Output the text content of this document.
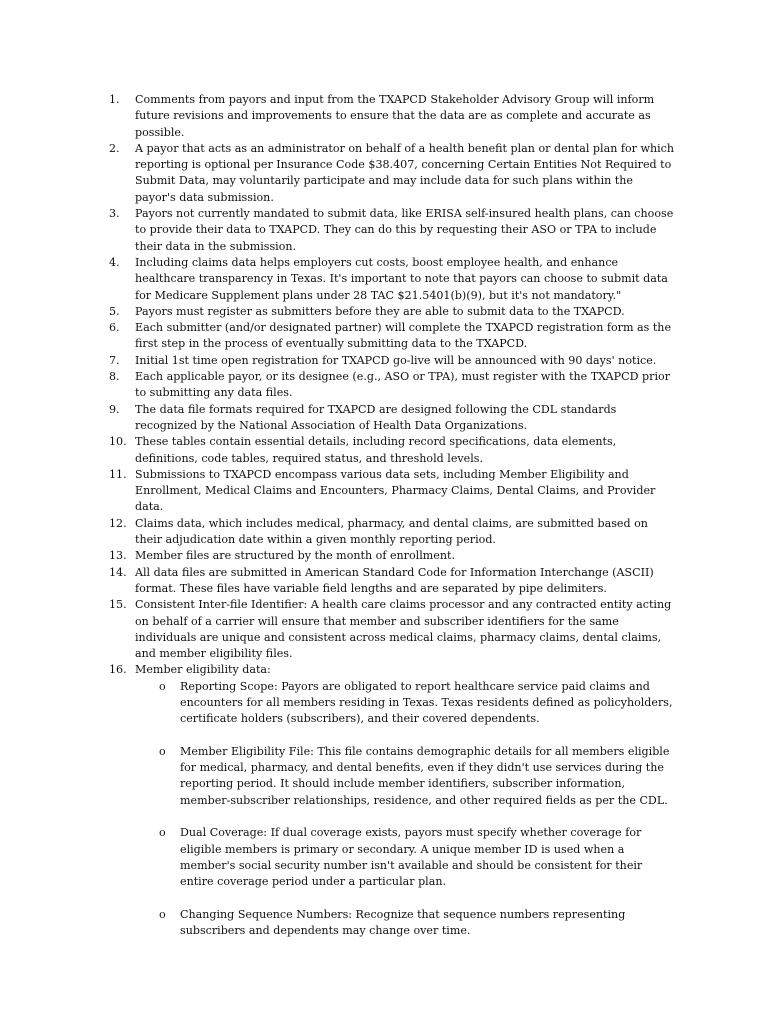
1. Comments from payors and input from the TXAPCD Stakeholder Advisory Group will inform future revisions and improvements to ensure that the data are as complete and accurate as possible.
2. A payor that acts as an administrator on behalf of a health benefit plan or dental plan for which reporting is optional per Insurance Code $38.407, concerning Certain Entities Not Required to Submit Data, may voluntarily participate and may include data for such plans within the payor's data submission.
3. Payors not currently mandated to submit data, like ERISA self-insured health plans, can choose to provide their data to TXAPCD. They can do this by requesting their ASO or TPA to include their data in the submission.
4. Including claims data helps employers cut costs, boost employee health, and enhance healthcare transparency in Texas. It's important to note that payors can choose to submit data for Medicare Supplement plans under 28 TAC $21.5401(b)(9), but it's not mandatory."
5. Payors must register as submitters before they are able to submit data to the TXAPCD.
6. Each submitter (and/or designated partner) will complete the TXAPCD registration form as the first step in the process of eventually submitting data to the TXAPCD.
7. Initial 1st time open registration for TXAPCD go-live will be announced with 90 days' notice.
8. Each applicable payor, or its designee (e.g., ASO or TPA), must register with the TXAPCD prior to submitting any data files.
9. The data file formats required for TXAPCD are designed following the CDL standards recognized by the National Association of Health Data Organizations.
10. These tables contain essential details, including record specifications, data elements, definitions, code tables, required status, and threshold levels.
11. Submissions to TXAPCD encompass various data sets, including Member Eligibility and Enrollment, Medical Claims and Encounters, Pharmacy Claims, Dental Claims, and Provider data.
12. Claims data, which includes medical, pharmacy, and dental claims, are submitted based on their adjudication date within a given monthly reporting period.
13. Member files are structured by the month of enrollment.
14. All data files are submitted in American Standard Code for Information Interchange (ASCII) format. These files have variable field lengths and are separated by pipe delimiters.
15. Consistent Inter-file Identifier: A health care claims processor and any contracted entity acting on behalf of a carrier will ensure that member and subscriber identifiers for the same individuals are unique and consistent across medical claims, pharmacy claims, dental claims, and member eligibility files.
16. Member eligibility data:
o Reporting Scope: Payors are obligated to report healthcare service paid claims and encounters for all members residing in Texas. Texas residents defined as policyholders, certificate holders (subscribers), and their covered dependents.
o Member Eligibility File: This file contains demographic details for all members eligible for medical, pharmacy, and dental benefits, even if they didn't use services during the reporting period. It should include member identifiers, subscriber information, member-subscriber relationships, residence, and other required fields as per the CDL.
o Dual Coverage: If dual coverage exists, payors must specify whether coverage for eligible members is primary or secondary. A unique member ID is used when a member's social security number isn't available and should be consistent for their entire coverage period under a particular plan.
o Changing Sequence Numbers: Recognize that sequence numbers representing subscribers and dependents may change over time.
